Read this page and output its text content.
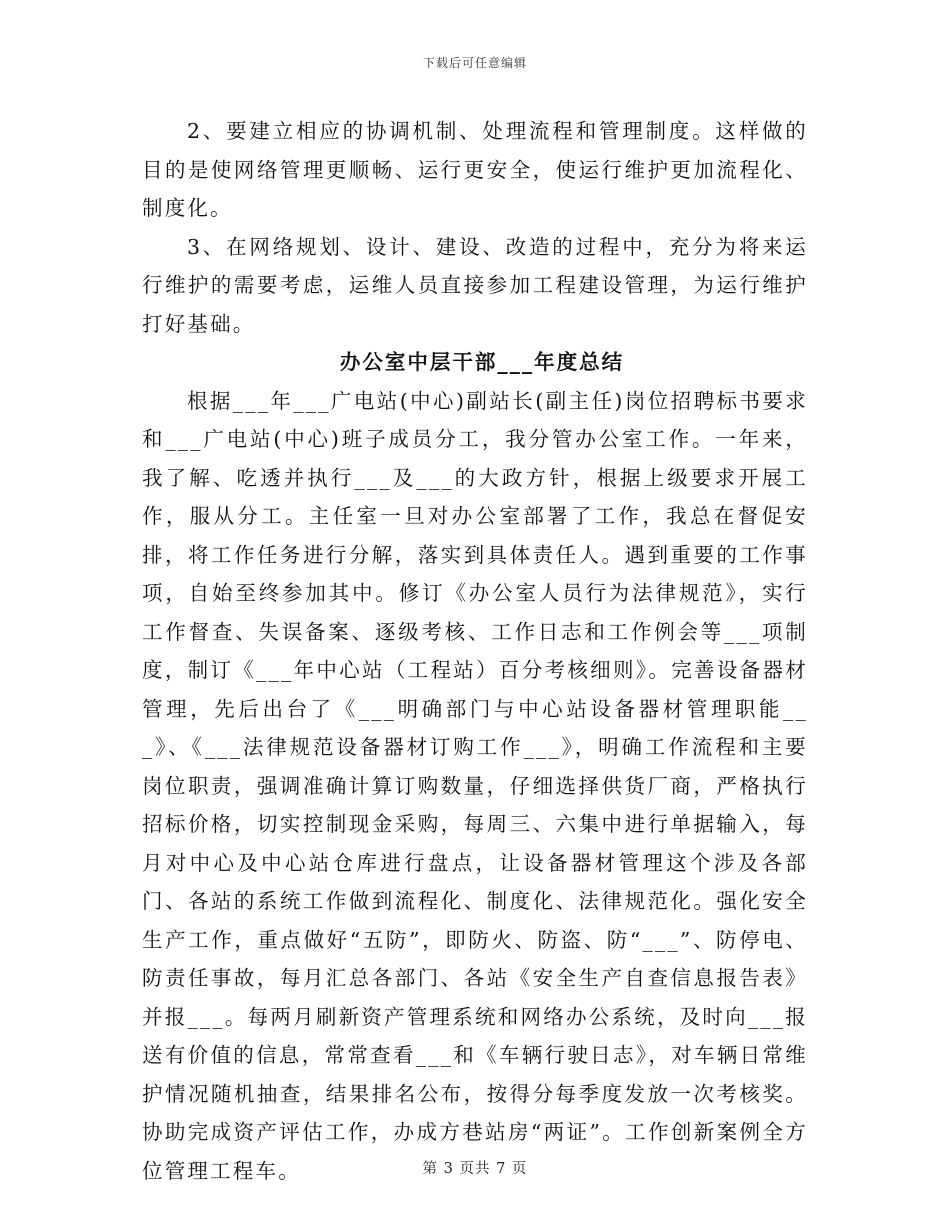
下载后可任意编辑

2、要建立相应的协调机制、处理流程和管理制度。这样做的目的是使网络管理更顺畅、运行更安全，使运行维护更加流程化、制度化。

3、在网络规划、设计、建设、改造的过程中，充分为将来运行维护的需要考虑，运维人员直接参加工程建设管理，为运行维护打好基础。

办公室中层干部___年度总结

根据___年___广电站(中心)副站长(副主任)岗位招聘标书要求和___广电站(中心)班子成员分工，我分管办公室工作。一年来，我了解、吃透并执行___及___的大政方针，根据上级要求开展工作，服从分工。主任室一旦对办公室部署了工作，我总在督促安排，将工作任务进行分解，落实到具体责任人。遇到重要的工作事项，自始至终参加其中。修订《办公室人员行为法律规范》，实行工作督查、失误备案、逐级考核、工作日志和工作例会等___项制度，制订《___年中心站（工程站）百分考核细则》。完善设备器材管理，先后出台了《___明确部门与中心站设备器材管理职能___》、《___法律规范设备器材订购工作___》，明确工作流程和主要岗位职责，强调准确计算订购数量，仔细选择供货厂商，严格执行招标价格，切实控制现金采购，每周三、六集中进行单据输入，每月对中心及中心站仓库进行盘点，让设备器材管理这个涉及各部门、各站的系统工作做到流程化、制度化、法律规范化。强化安全生产工作，重点做好“五防”，即防火、防盗、防“___”、防停电、防责任事故，每月汇总各部门、各站《安全生产自查信息报告表》并报___。每两月刷新资产管理系统和网络办公系统，及时向___报送有价值的信息，常常查看___和《车辆行驶日志》，对车辆日常维护情况随机抽查，结果排名公布，按得分每季度发放一次考核奖。协助完成资产评估工作，办成方巷站房“两证”。工作创新案例全方位管理工程车。	第 3 页共 7 页
